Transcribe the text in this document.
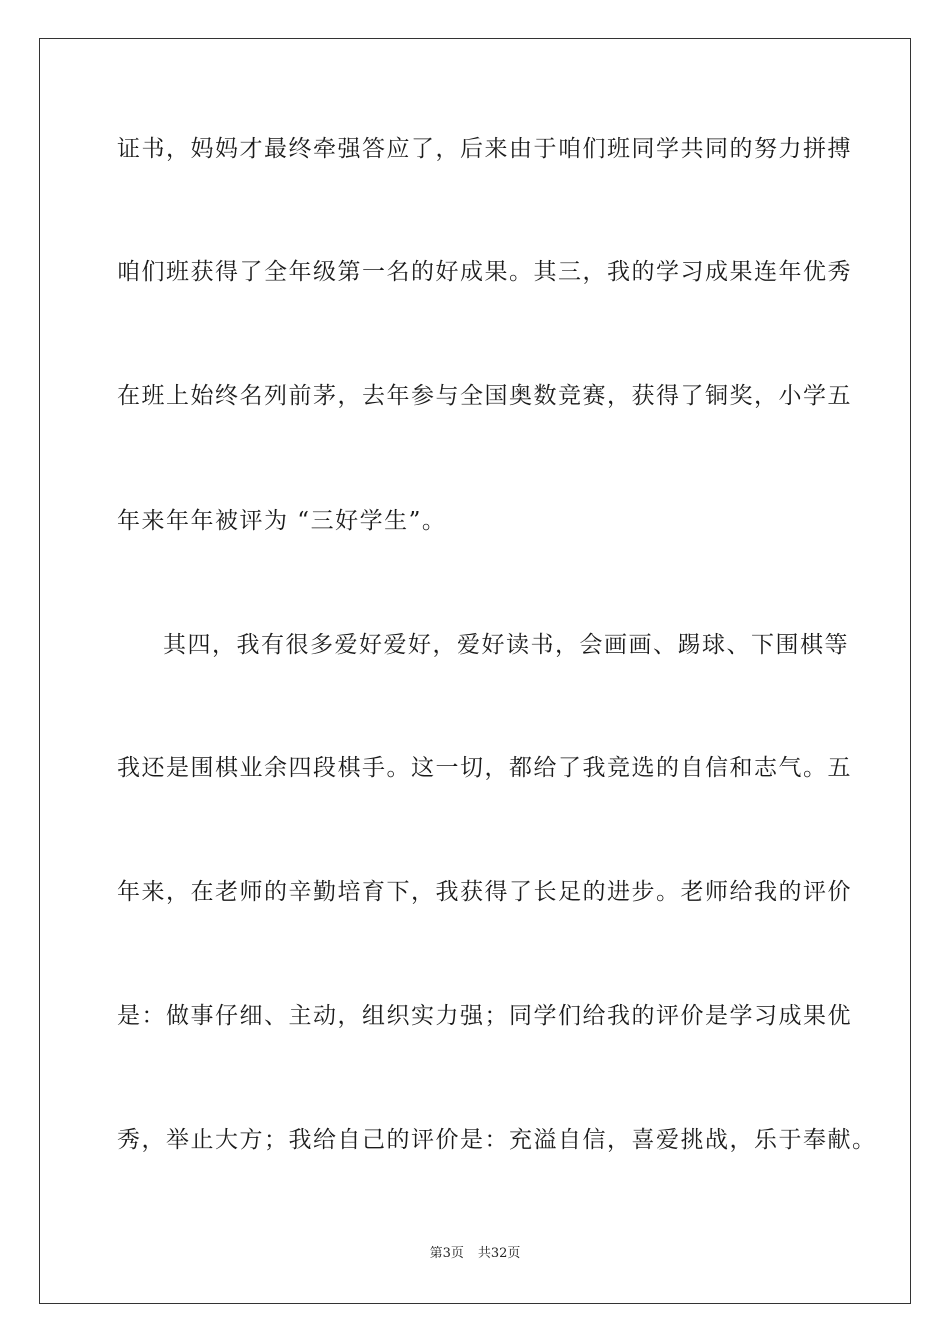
证书，妈妈才最终牵强答应了，后来由于咱们班同学共同的努力拼搏
咱们班获得了全年级第一名的好成果。其三，我的学习成果连年优秀
在班上始终名列前茅，去年参与全国奥数竞赛，获得了铜奖，小学五
年来年年被评为 “三好学生”。
其四，我有很多爱好爱好，爱好读书，会画画、踢球、下围棋等
我还是围棋业余四段棋手。这一切，都给了我竞选的自信和志气。五
年来，在老师的辛勤培育下，我获得了长足的进步。老师给我的评价
是：做事仔细、主动，组织实力强；同学们给我的评价是学习成果优
秀，举止大方；我给自己的评价是：充溢自信，喜爱挑战，乐于奉献。
第3页 共32页
